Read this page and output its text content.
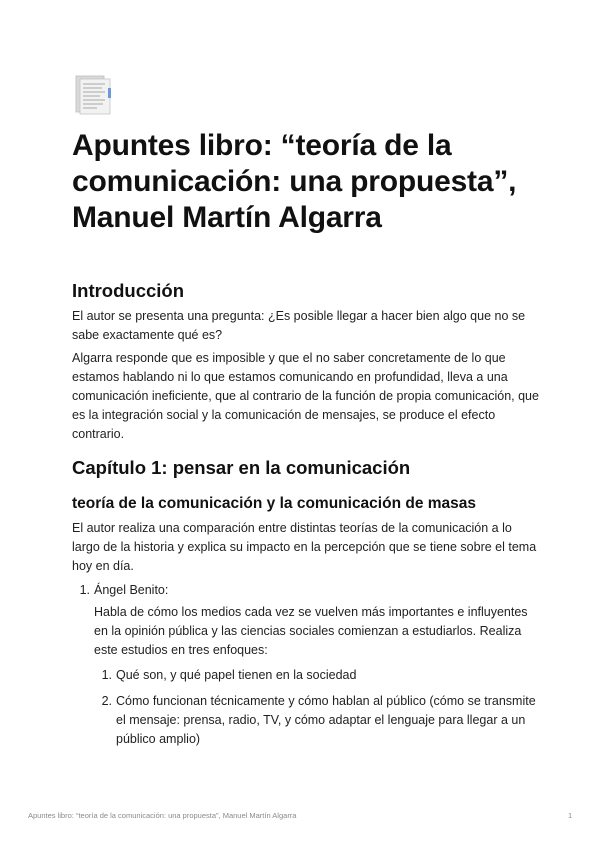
Apuntes libro: “teoría de la comunicación: una propuesta”, Manuel Martín Algarra
Introducción

El autor se presenta una pregunta: ¿Es posible llegar a hacer bien algo que no se sabe exactamente qué es?

Algarra responde que es imposible y que el no saber concretamente de lo que estamos hablando ni lo que estamos comunicando en profundidad, lleva a una comunicación ineficiente, que al contrario de la función de propia comunicación, que es la integración social y la comunicación de mensajes, se produce el efecto contrario.

Capítulo 1: pensar en la comunicación
teoría de la comunicación y la comunicación de masas

El autor realiza una comparación entre distintas teorías de la comunicación a lo largo de la historia y explica su impacto en la percepción que se tiene sobre el tema hoy en día.

1. Ángel Benito:

Habla de cómo los medios cada vez se vuelven más importantes e influyentes en la opinión pública y las ciencias sociales comienzan a estudiarlos. Realiza este estudios en tres enfoques:

1. Qué son, y qué papel tienen en la sociedad
2. Cómo funcionan técnicamente y cómo hablan al público (cómo se transmite el mensaje: prensa, radio, TV, y cómo adaptar el lenguaje para llegar a un público amplio)
Apuntes libro: “teoría de la comunicación: una propuesta”, Manuel Martín Algarra	1
